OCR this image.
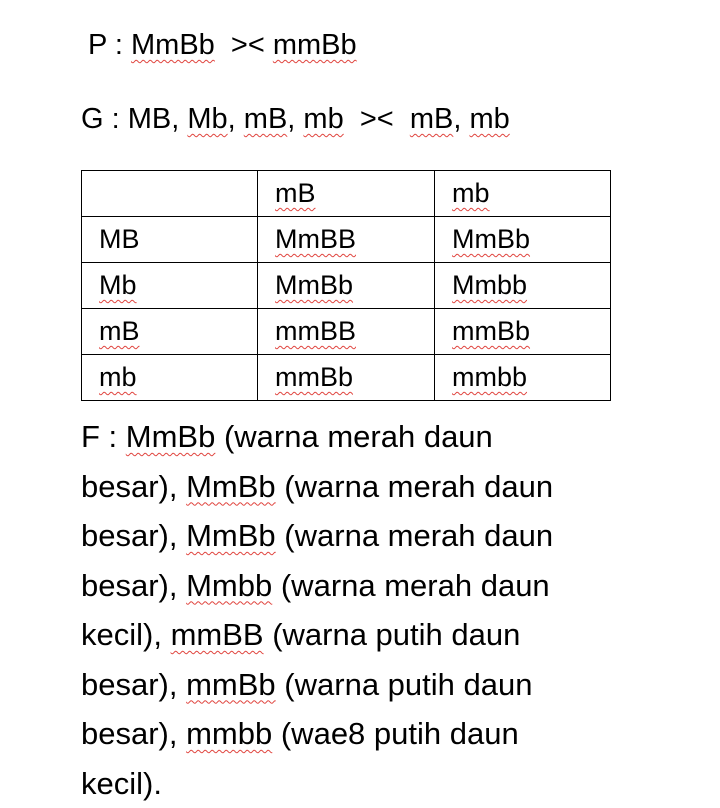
P : MmBb >< mmBb
G : MB, Mb, mB, mb >< mB, mb
	mB	mb
MB	MmBB	MmBb
Mb	MmBb	Mmbb
mB	mmBB	mmBb
mb	mmBb	mmbb
F : MmBb (warna merah daun
besar), MmBb (warna merah daun
besar), MmBb (warna merah daun
besar), Mmbb (warna merah daun
kecil), mmBB (warna putih daun
besar), mmBb (warna putih daun
besar), mmbb (wae8 putih daun
kecil).
